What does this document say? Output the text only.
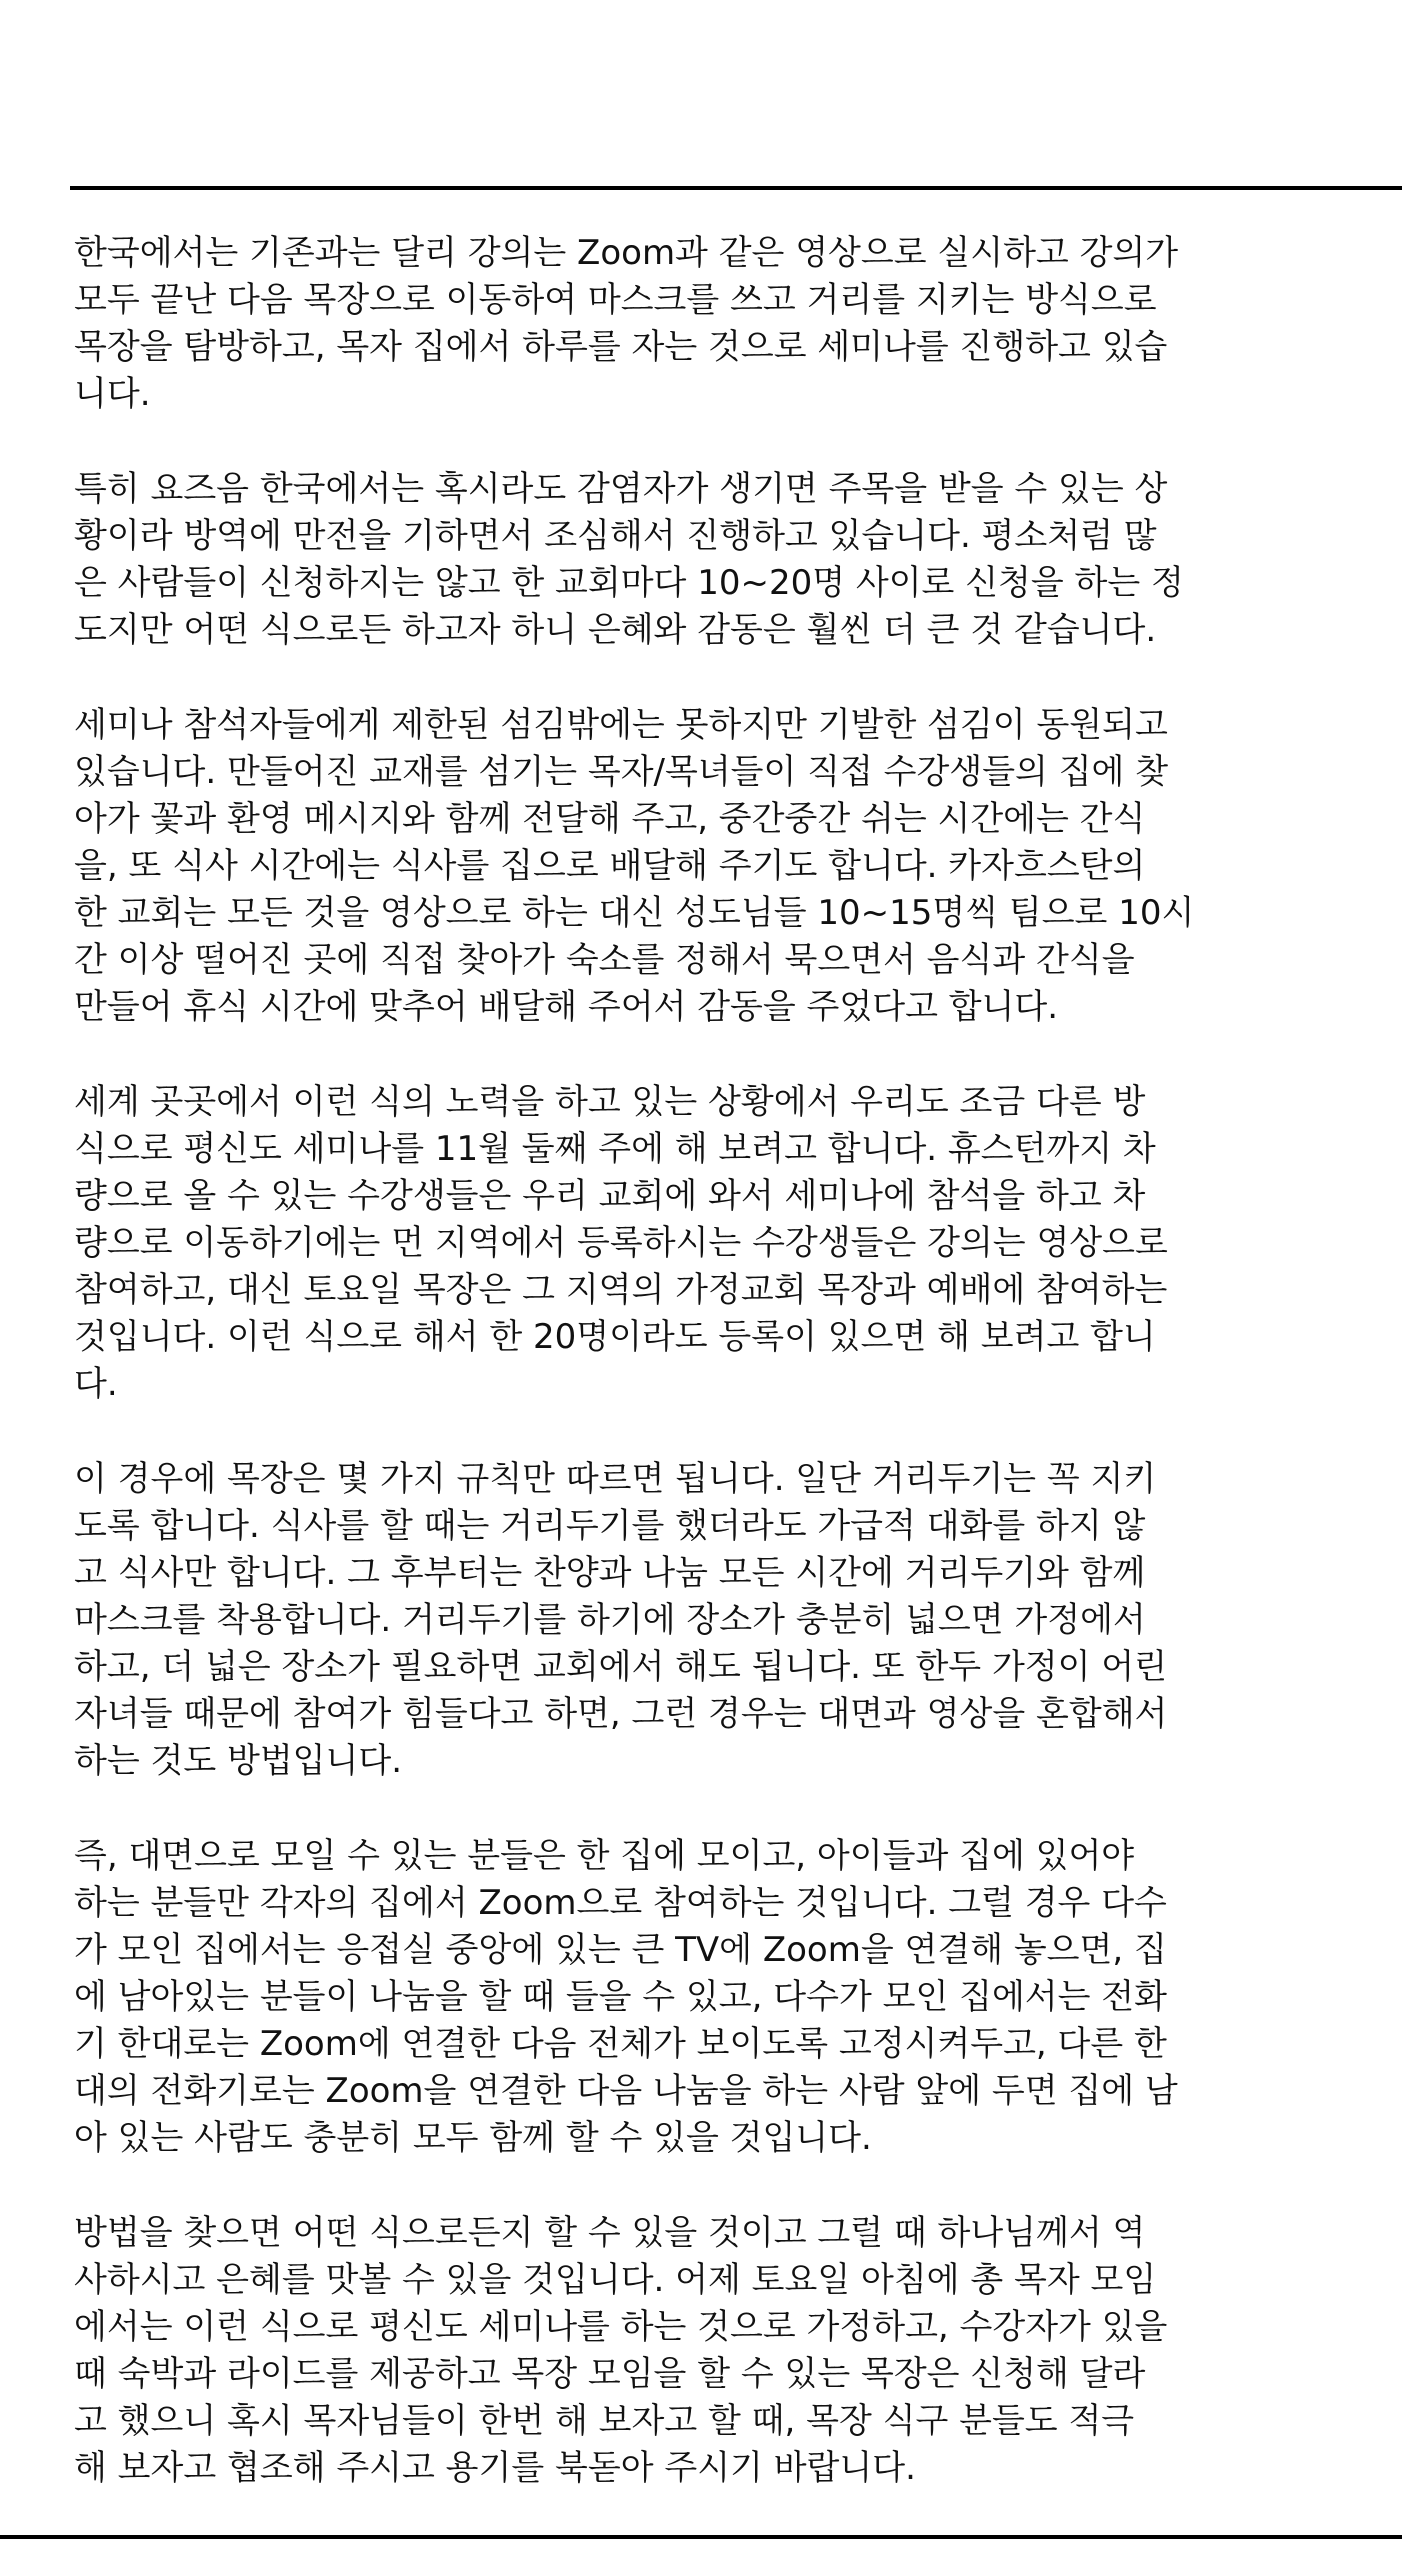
한국에서는 기존과는 달리 강의는 Zoom과 같은 영상으로 실시하고 강의가
모두 끝난 다음 목장으로 이동하여 마스크를 쓰고 거리를 지키는 방식으로
목장을 탐방하고, 목자 집에서 하루를 자는 것으로 세미나를 진행하고 있습
니다.

특히 요즈음 한국에서는 혹시라도 감염자가 생기면 주목을 받을 수 있는 상
황이라 방역에 만전을 기하면서 조심해서 진행하고 있습니다. 평소처럼 많
은 사람들이 신청하지는 않고 한 교회마다 10~20명 사이로 신청을 하는 정
도지만 어떤 식으로든 하고자 하니 은혜와 감동은 훨씬 더 큰 것 같습니다.

세미나 참석자들에게 제한된 섬김밖에는 못하지만 기발한 섬김이 동원되고
있습니다. 만들어진 교재를 섬기는 목자/목녀들이 직접 수강생들의 집에 찾
아가 꽃과 환영 메시지와 함께 전달해 주고, 중간중간 쉬는 시간에는 간식
을, 또 식사 시간에는 식사를 집으로 배달해 주기도 합니다. 카자흐스탄의
한 교회는 모든 것을 영상으로 하는 대신 성도님들 10~15명씩 팀으로 10시
간 이상 떨어진 곳에 직접 찾아가 숙소를 정해서 묵으면서 음식과 간식을
만들어 휴식 시간에 맞추어 배달해 주어서 감동을 주었다고 합니다.

세계 곳곳에서 이런 식의 노력을 하고 있는 상황에서 우리도 조금 다른 방
식으로 평신도 세미나를 11월 둘째 주에 해 보려고 합니다. 휴스턴까지 차
량으로 올 수 있는 수강생들은 우리 교회에 와서 세미나에 참석을 하고 차
량으로 이동하기에는 먼 지역에서 등록하시는 수강생들은 강의는 영상으로
참여하고, 대신 토요일 목장은 그 지역의 가정교회 목장과 예배에 참여하는
것입니다. 이런 식으로 해서 한 20명이라도 등록이 있으면 해 보려고 합니
다.

이 경우에 목장은 몇 가지 규칙만 따르면 됩니다. 일단 거리두기는 꼭 지키
도록 합니다. 식사를 할 때는 거리두기를 했더라도 가급적 대화를 하지 않
고 식사만 합니다. 그 후부터는 찬양과 나눔 모든 시간에 거리두기와 함께
마스크를 착용합니다. 거리두기를 하기에 장소가 충분히 넓으면 가정에서
하고, 더 넓은 장소가 필요하면 교회에서 해도 됩니다. 또 한두 가정이 어린
자녀들 때문에 참여가 힘들다고 하면, 그런 경우는 대면과 영상을 혼합해서
하는 것도 방법입니다.

즉, 대면으로 모일 수 있는 분들은 한 집에 모이고, 아이들과 집에 있어야
하는 분들만 각자의 집에서 Zoom으로 참여하는 것입니다. 그럴 경우 다수
가 모인 집에서는 응접실 중앙에 있는 큰 TV에 Zoom을 연결해 놓으면, 집
에 남아있는 분들이 나눔을 할 때 들을 수 있고, 다수가 모인 집에서는 전화
기 한대로는 Zoom에 연결한 다음 전체가 보이도록 고정시켜두고, 다른 한
대의 전화기로는 Zoom을 연결한 다음 나눔을 하는 사람 앞에 두면 집에 남
아 있는 사람도 충분히 모두 함께 할 수 있을 것입니다.

방법을 찾으면 어떤 식으로든지 할 수 있을 것이고 그럴 때 하나님께서 역
사하시고 은혜를 맛볼 수 있을 것입니다. 어제 토요일 아침에 총 목자 모임
에서는 이런 식으로 평신도 세미나를 하는 것으로 가정하고, 수강자가 있을
때 숙박과 라이드를 제공하고 목장 모임을 할 수 있는 목장은 신청해 달라
고 했으니 혹시 목자님들이 한번 해 보자고 할 때, 목장 식구 분들도 적극
해 보자고 협조해 주시고 용기를 북돋아 주시기 바랍니다.
